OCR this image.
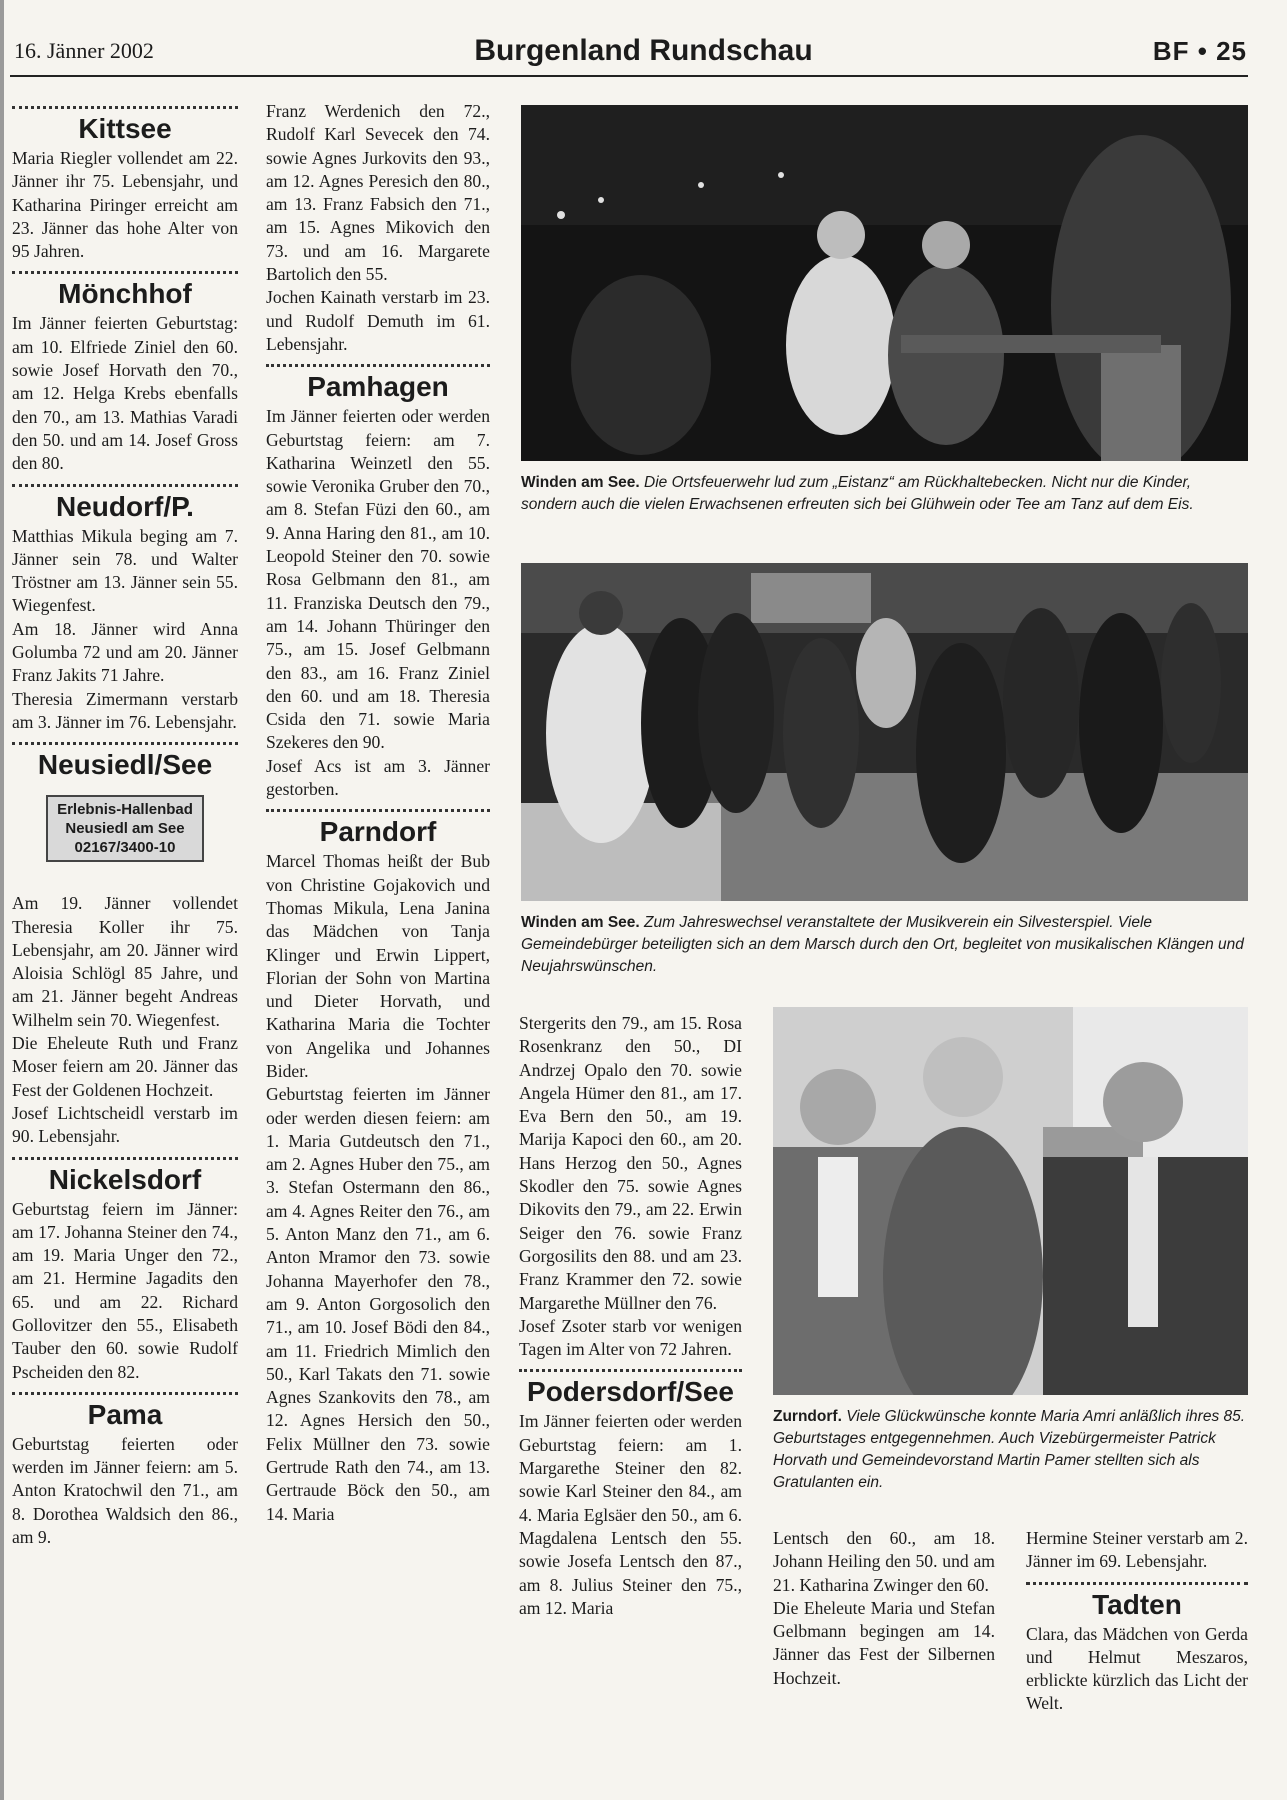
16. Jänner 2002	Burgenland Rundschau	BF • 25
Kittsee

Maria Riegler vollendet am 22. Jänner ihr 75. Lebensjahr, und Katharina Piringer erreicht am 23. Jänner das hohe Alter von 95 Jahren.

Mönchhof

Im Jänner feierten Geburtstag: am 10. Elfriede Ziniel den 60. sowie Josef Horvath den 70., am 12. Helga Krebs ebenfalls den 70., am 13. Mathias Varadi den 50. und am 14. Josef Gross den 80.

Neudorf/P.

Matthias Mikula beging am 7. Jänner sein 78. und Walter Tröstner am 13. Jänner sein 55. Wiegenfest.

Am 18. Jänner wird Anna Golumba 72 und am 20. Jänner Franz Jakits 71 Jahre.

Theresia Zimermann verstarb am 3. Jänner im 76. Lebensjahr.

Neusiedl/See
Erlebnis-Hallenbad
Neusiedl am See
02167/3400-10

Am 19. Jänner vollendet Theresia Koller ihr 75. Lebensjahr, am 20. Jänner wird Aloisia Schlögl 85 Jahre, und am 21. Jänner begeht Andreas Wilhelm sein 70. Wiegenfest.

Die Eheleute Ruth und Franz Moser feiern am 20. Jänner das Fest der Goldenen Hochzeit.

Josef Lichtscheidl verstarb im 90. Lebensjahr.

Nickelsdorf

Geburtstag feiern im Jänner: am 17. Johanna Steiner den 74., am 19. Maria Unger den 72., am 21. Hermine Jagadits den 65. und am 22. Richard Gollovitzer den 55., Elisabeth Tauber den 60. sowie Rudolf Pscheiden den 82.

Pama

Geburtstag feierten oder werden im Jänner feiern: am 5. Anton Kratochwil den 71., am 8. Dorothea Waldsich den 86., am 9.

Franz Werdenich den 72., Rudolf Karl Sevecek den 74. sowie Agnes Jurkovits den 93., am 12. Agnes Peresich den 80., am 13. Franz Fabsich den 71., am 15. Agnes Mikovich den 73. und am 16. Margarete Bartolich den 55.

Jochen Kainath verstarb im 23. und Rudolf Demuth im 61. Lebensjahr.

Pamhagen

Im Jänner feierten oder werden Geburtstag feiern: am 7. Katharina Weinzetl den 55. sowie Veronika Gruber den 70., am 8. Stefan Füzi den 60., am 9. Anna Haring den 81., am 10. Leopold Steiner den 70. sowie Rosa Gelbmann den 81., am 11. Franziska Deutsch den 79., am 14. Johann Thüringer den 75., am 15. Josef Gelbmann den 83., am 16. Franz Ziniel den 60. und am 18. Theresia Csida den 71. sowie Maria Szekeres den 90.

Josef Acs ist am 3. Jänner gestorben.

Parndorf

Marcel Thomas heißt der Bub von Christine Gojakovich und Thomas Mikula, Lena Janina das Mädchen von Tanja Klinger und Erwin Lippert, Florian der Sohn von Martina und Dieter Horvath, und Katharina Maria die Tochter von Angelika und Johannes Bider.

Geburtstag feierten im Jänner oder werden diesen feiern: am 1. Maria Gutdeutsch den 71., am 2. Agnes Huber den 75., am 3. Stefan Ostermann den 86., am 4. Agnes Reiter den 76., am 5. Anton Manz den 71., am 6. Anton Mramor den 73. sowie Johanna Mayerhofer den 78., am 9. Anton Gorgosolich den 71., am 10. Josef Bödi den 84., am 11. Friedrich Mimlich den 50., Karl Takats den 71. sowie Agnes Szankovits den 78., am 12. Agnes Hersich den 50., Felix Müllner den 73. sowie Gertrude Rath den 74., am 13. Gertraude Böck den 50., am 14. Maria

Winden am See. Die Ortsfeuerwehr lud zum „Eistanz“ am Rückhaltebecken. Nicht nur die Kinder, sondern auch die vielen Erwachsenen erfreuten sich bei Glühwein oder Tee am Tanz auf dem Eis.
Winden am See. Zum Jahreswechsel veranstaltete der Musikverein ein Silvesterspiel. Viele Gemeindebürger beteiligten sich an dem Marsch durch den Ort, begleitet von musikalischen Klängen und Neujahrswünschen.

Stergerits den 79., am 15. Rosa Rosenkranz den 50., DI Andrzej Opalo den 70. sowie Angela Hümer den 81., am 17. Eva Bern den 50., am 19. Marija Kapoci den 60., am 20. Hans Herzog den 50., Agnes Skodler den 75. sowie Agnes Dikovits den 79., am 22. Erwin Seiger den 76. sowie Franz Gorgosilits den 88. und am 23. Franz Krammer den 72. sowie Margarethe Müllner den 76.

Josef Zsoter starb vor wenigen Tagen im Alter von 72 Jahren.

Podersdorf/See

Im Jänner feierten oder werden Geburtstag feiern: am 1. Margarethe Steiner den 82. sowie Karl Steiner den 84., am 4. Maria Eglsäer den 50., am 6. Magdalena Lentsch den 55. sowie Josefa Lentsch den 87., am 8. Julius Steiner den 75., am 12. Maria

Zurndorf. Viele Glückwünsche konnte Maria Amri anläßlich ihres 85. Geburtstages entgegennehmen. Auch Vizebürgermeister Patrick Horvath und Gemeindevorstand Martin Pamer stellten sich als Gratulanten ein.

Lentsch den 60., am 18. Johann Heiling den 50. und am 21. Katharina Zwinger den 60.

Die Eheleute Maria und Stefan Gelbmann begingen am 14. Jänner das Fest der Silbernen Hochzeit.

Hermine Steiner verstarb am 2. Jänner im 69. Lebensjahr.

Tadten

Clara, das Mädchen von Gerda und Helmut Meszaros, erblickte kürzlich das Licht der Welt.
